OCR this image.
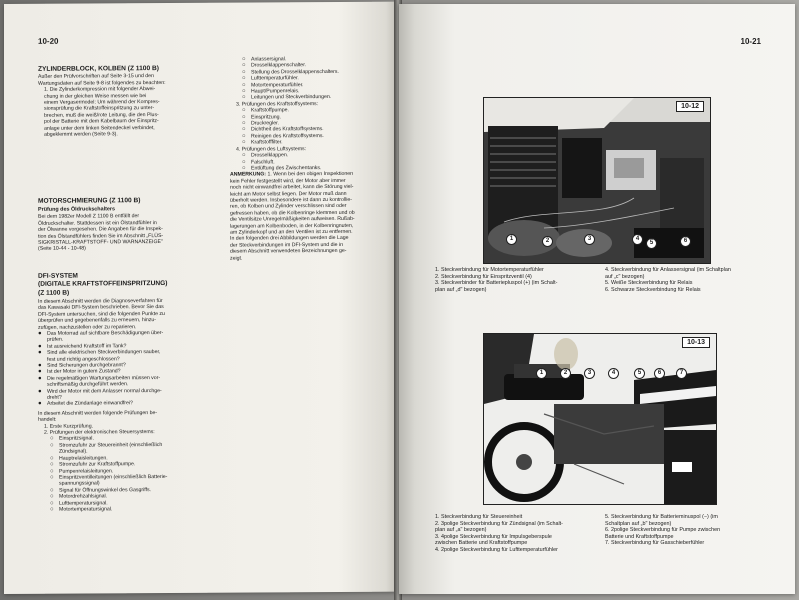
10-20

ZYLINDERBLOCK, KOLBEN (Z 1100 B)

Außer den Prüfvorschriften auf Seite 3-15 und den
Wartungsdaten auf Seite 9-8 ist folgendes zu beachten:
1. Die Zylinderkompression mit folgender Abwei-
chung in der gleichen Weise messen wie bei
einem Vergasermodel: Um während der Kompres-
sionsprüfung die Kraftstoffeinspritzung zu unter-
brechen, muß die weiß/rote Leitung, die den Plus-
pol der Batterie mit dem Kabelbaum der Einspritz-
anlage unter dem linken Seitendeckel verbindet,
abgeklemmt werden (Seite 9-3).

MOTORSCHMIERUNG (Z 1100 B)

Prüfung des Öldruckschalters

Bei dem 1982er Modell Z 1100 B entfällt der
Öldruckschalter. Stattdessen ist ein Ölstandfühler in
der Ölwanne vorgesehen. Die Angaben für die Inspek-
tion des Ölstandfühlers finden Sie im Abschnitt „FLÜS-
SIGKRISTALL-KRAFTSTOFF- UND WARNANZEIGE"
(Seite 10-44 - 10-48)

DFI-SYSTEM

(DIGITALE KRAFTSTOFFEINSPRITZUNG)

(Z 1100 B)

In diesem Abschnitt werden die Diagnoseverfahren für
das Kawasaki DFI-System beschrieben. Bevor Sie das
DFI-System untersuchen, sind die folgenden Punkte zu
überprüfen und gegebenenfalls zu erneuern, hinzu-
zufügen, nachzustellen oder zu reparieren.
●
Das Motorrad auf sichtbare Beschädigungen über-
prüfen.
●
Ist ausreichend Kraftstoff im Tank?
●
Sind alle elektrischen Steckverbindungen sauber,
fest und richtig angeschlossen?
●
Sind Sicherungen durchgebrannt?
●
Ist der Motor in gutem Zustand?
●
Die regelmäßigen Wartungsarbeiten müssen vor-
schriftsmäßig durchgeführt werden.
●
Wird der Motor mit dem Anlasser normal durchge-
dreht?
●
Arbeitet die Zündanlage einwandfrei?
In diesem Abschnitt werden folgende Prüfungen be-
handelt:
1. Erste Kurzprüfung.
2. Prüfungen der elektronischen Steuersystems:
○
Einspritzsignal.
○
Stromzufuhr zur Steuereinheit (einschließlich
Zündsignal).
○
Hauptrelaisleitungen.
○
Stromzufuhr zur Kraftstoffpumpe.
○
Pumpenrelaisleitungen.
○
Einspritzventilleitungen (einschließlich Batterie-
spannungssignal)
○
Signal für Öffnungswinkel des Gasgriffs.
○
Motordrehzahlsignal.
○
Lufttemperatursignal.
○
Motortemperatursignal.
○
Anlassersignal.
○
Drosselklappenschalter.
○
Stellung des Drosselklappenschalters.
○
Lufttemperaturfühler.
○
Motortemperaturfühler.
○
Haupt/Pumpenrelais.
○
Leitungen und Steckverbindungen.
3. Prüfungen des Kraftstoffsystems:
○
Kraftstoffpumpe.
○
Einspritzung.
○
Druckregler.
○
Dichtheit des Kraftstoffsystems.
○
Reinigen des Kraftstoffsystems.
○
Kraftstofffilter.
4. Prüfungen des Luftsystems:
○
Drosselklappen.
○
Falschluft.
○
Entlüftung des Zwischentanks.
ANMERKUNG: 1. Wenn bei den obigen Inspektionen
kein Fehler festgestellt wird, der Motor aber immer
noch nicht einwandfrei arbeitet, kann die Störung viel-
leicht am Motor selbst liegen. Der Motor muß dann
überholt werden. Insbesondere ist dann zu kontrollie-
ren, ob Kolben und Zylinder verschlissen sind oder
gefressen haben, ob die Kolbenringe klemmen und ob
die Ventilsitze Unregelmäßigkeiten aufweisen. Rußab-
lagerungen am Kolbenboden, in der Kolbenringnuten,
am Zylinderkopf und an den Ventilen ist zu entfernen.
In den folgenden drei Abbildungen werden die Lage
der Steckverbindungen im DFI-System und die in
diesem Abschnitt verwendeten Bezeichnungen ge-
zeigt.
10-21
10-12
1	2	3	4
5	6
1. Steckverbindung für Motortemperaturfühler
2. Steckverbindung für Einspritzventil (4)
3. Steckverbinder für Batteriepluspol (+) (im Schalt-
plan auf „d" bezogen)
4. Steckverbindung für Anlassersignal (im Schaltplan
auf „c" bezogen)
5. Weiße Steckverbindung für Relais
6. Schwarze Steckverbindung für Relais
10-13
1	2	3	4	5	6	7
1. Steckverbindung für Steuereinheit
2. 3polige Steckverbindung für Zündsignal (im Schalt-
plan auf „a" bezogen)
3. 4polige Steckverbindung für Impulsgeberspule
zwischen Batterie und Kraftstoffpumpe
4. 2polige Steckverbindung für Lufttemperaturfühler
5. Steckverbindung für Batterieminuspol (−) (im
Schaltplan auf „b" bezogen)
6. 2polige Steckverbindung für Pumpe zwischen
Batterie und Kraftstoffpumpe
7. Steckverbindung für Gasschieberfühler
